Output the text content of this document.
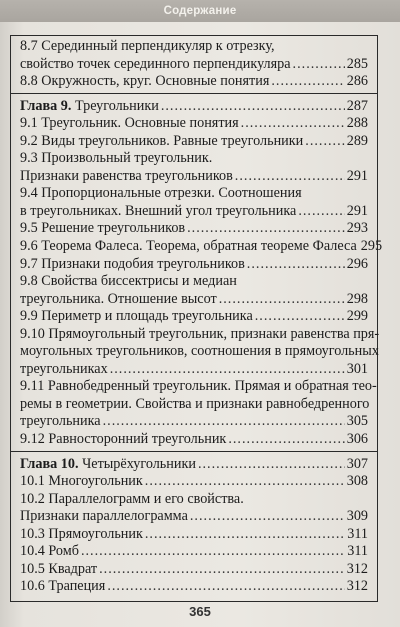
Содержание
8.7 Серединный перпендикуляр к отрезку,
свойство точек серединного перпендикуляра .....	285
8.8 Окружность, круг. Основные понятия .....	286
Глава 9. Треугольники .....	287
9.1 Треугольник. Основные понятия .....	288
9.2 Виды треугольников. Равные треугольники .....	289
9.3 Произвольный треугольник.
Признаки равенства треугольников .....	291
9.4 Пропорциональные отрезки. Соотношения
в треугольниках. Внешний угол треугольника .....	291
9.5 Решение треугольников .....	293
9.6 Теорема Фалеса. Теорема, обратная теореме Фалеса 295
9.7 Признаки подобия треугольников .....	296
9.8 Свойства биссектрисы и медиан
треугольника. Отношение высот .....	298
9.9 Периметр и площадь треугольника .....	299
9.10 Прямоугольный треугольник, признаки равенства пря-
моугольных треугольников, соотношения в прямоугольных
треугольниках .....	301
9.11 Равнобедренный треугольник. Прямая и обратная тео-
ремы в геометрии. Свойства и признаки равнобедренного
треугольника .....	305
9.12 Равносторонний треугольник .....	306
Глава 10. Четырёхугольники .....	307
10.1 Многоугольник .....	308
10.2 Параллелограмм и его свойства.
Признаки параллелограмма .....	309
10.3 Прямоугольник .....	311
10.4 Ромб .....	311
10.5 Квадрат .....	312
10.6 Трапеция .....	312
365
